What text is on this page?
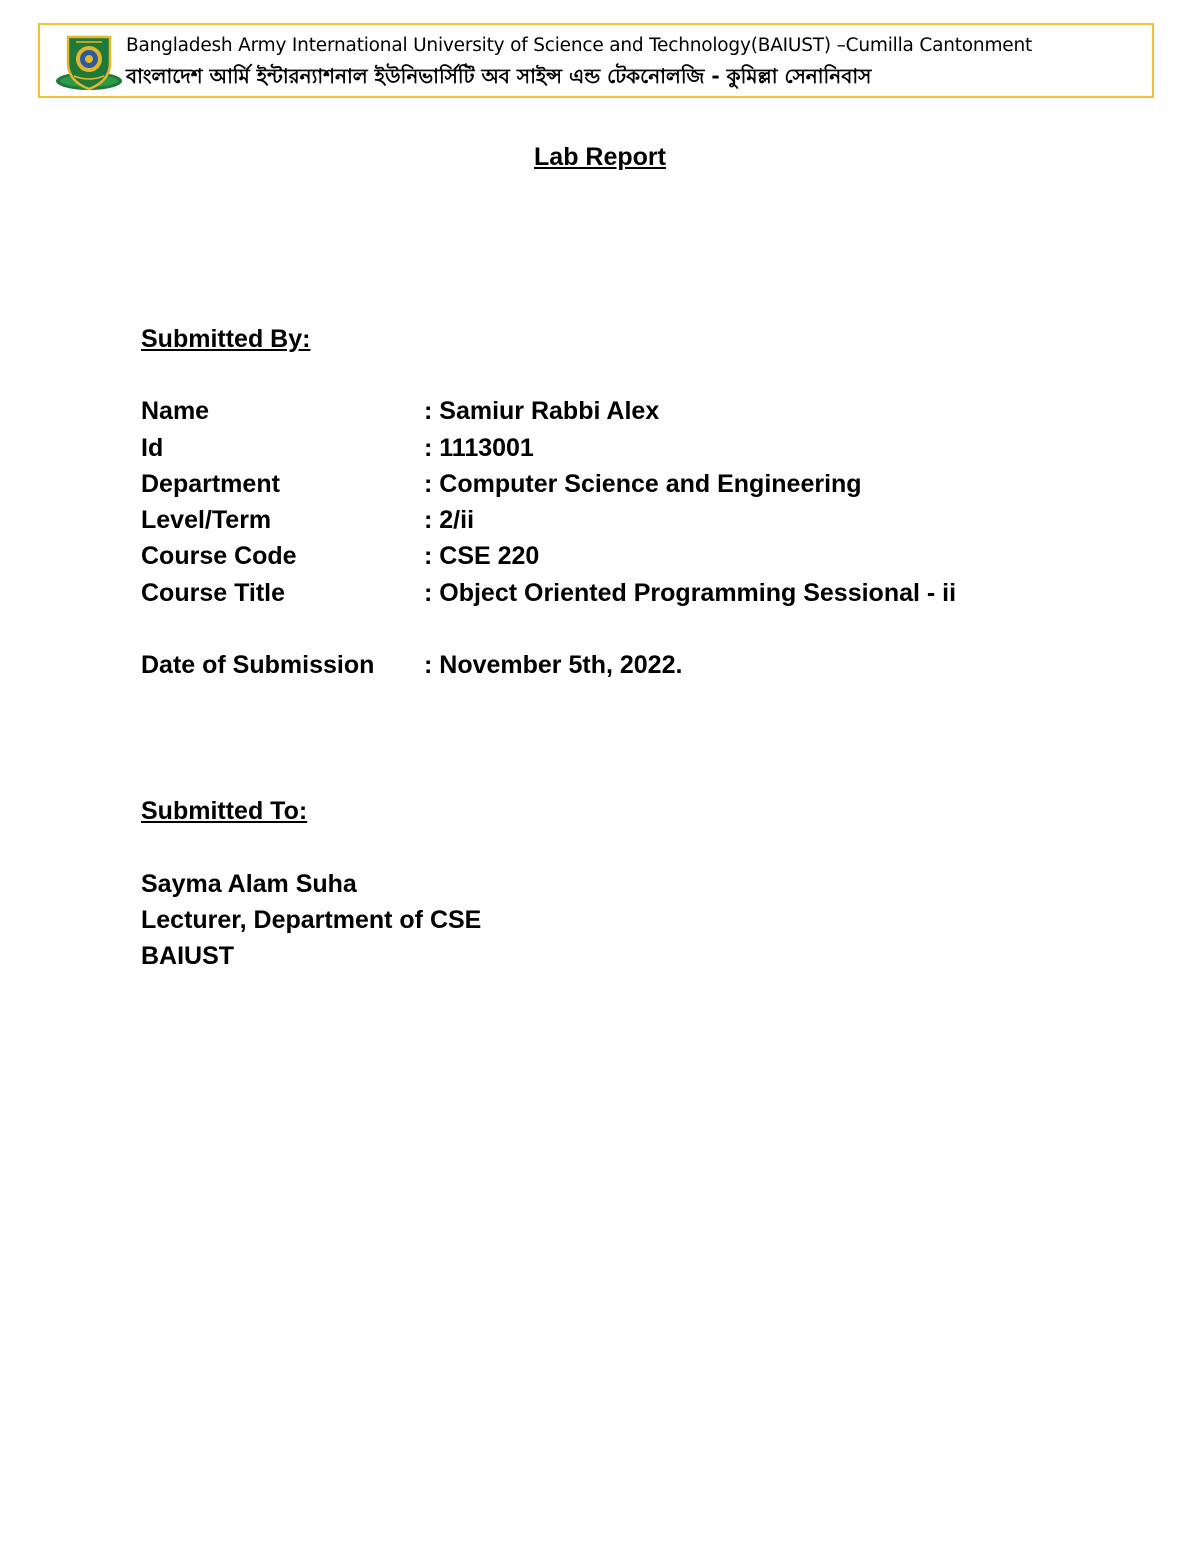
Bangladesh Army International University of Science and Technology(BAIUST) –Cumilla Cantonment
বাংলাদেশ আর্মি ইন্টারন্যাশনাল ইউনিভার্সিটি অব সাইন্স এন্ড টেকনোলজি - কুমিল্লা সেনানিবাস
Lab Report
Submitted By:
Name	: Samiur Rabbi Alex
Id	: 1113001
Department	: Computer Science and Engineering
Level/Term	: 2/ii
Course Code	: CSE 220
Course Title	: Object Oriented Programming Sessional - ii
Date of Submission : November 5th, 2022.
Submitted To:
Sayma Alam Suha
Lecturer, Department of CSE
BAIUST
